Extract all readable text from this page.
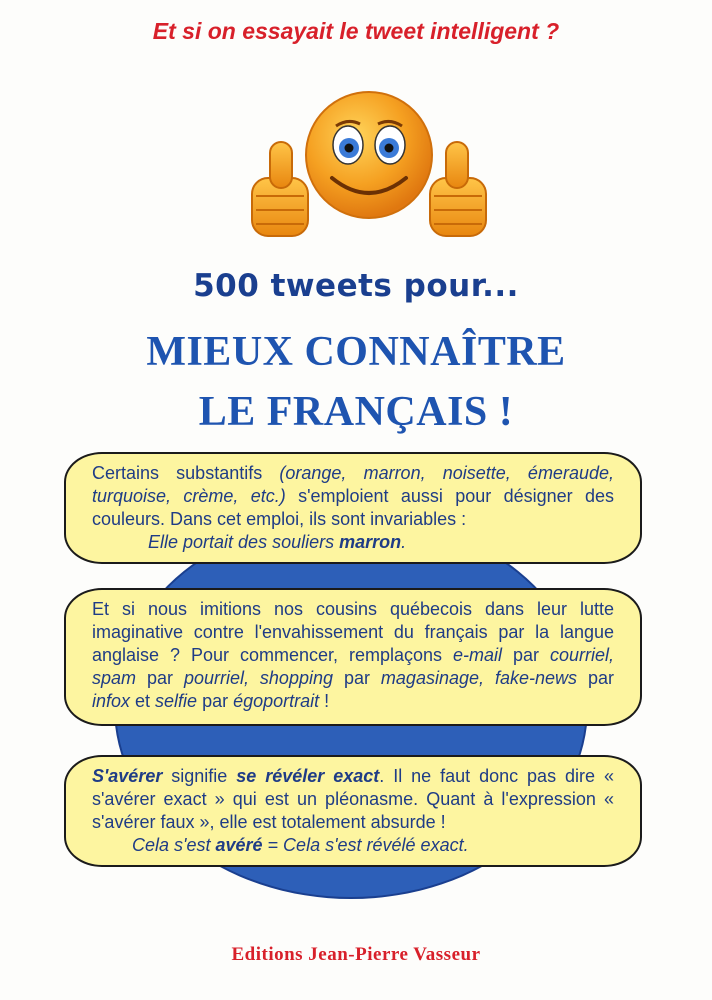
Et si on essayait le tweet intelligent ?
500 tweets pour...
MIEUX CONNAÎTRE
LE FRANÇAIS !

Certains substantifs (orange, marron, noisette, émeraude, turquoise, crème, etc.) s'emploient aussi pour désigner des couleurs. Dans cet emploi, ils sont invariables :

Elle portait des souliers marron.

Et si nous imitions nos cousins québecois dans leur lutte imaginative contre l'envahissement du français par la langue anglaise ? Pour commencer, remplaçons e-mail par courriel, spam par pourriel, shopping par magasinage, fake-news par infox et selfie par égoportrait !

S'avérer signifie se révéler exact. Il ne faut donc pas dire « s'avérer exact » qui est un pléonasme. Quant à l'expression « s'avérer faux », elle est totalement absurde !

Cela s'est avéré = Cela s'est révélé exact.
Editions Jean-Pierre Vasseur
